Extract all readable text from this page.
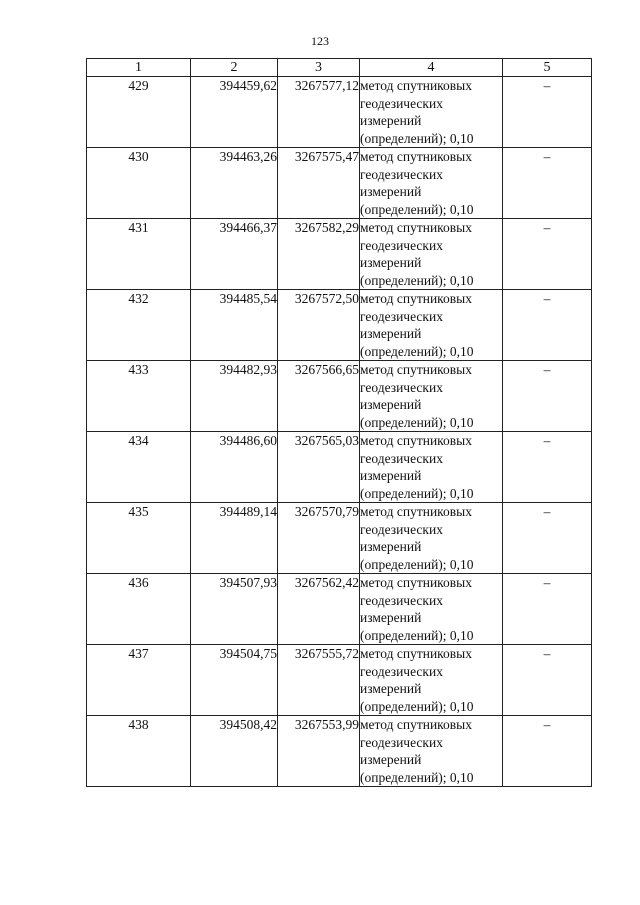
123
1	2	3	4	5
429	394459,62	3267577,12	метод спутниковых геодезических измерений (определений); 0,10	–
430	394463,26	3267575,47	метод спутниковых геодезических измерений (определений); 0,10	–
431	394466,37	3267582,29	метод спутниковых геодезических измерений (определений); 0,10	–
432	394485,54	3267572,50	метод спутниковых геодезических измерений (определений); 0,10	–
433	394482,93	3267566,65	метод спутниковых геодезических измерений (определений); 0,10	–
434	394486,60	3267565,03	метод спутниковых геодезических измерений (определений); 0,10	–
435	394489,14	3267570,79	метод спутниковых геодезических измерений (определений); 0,10	–
436	394507,93	3267562,42	метод спутниковых геодезических измерений (определений); 0,10	–
437	394504,75	3267555,72	метод спутниковых геодезических измерений (определений); 0,10	–
438	394508,42	3267553,99	метод спутниковых геодезических измерений (определений); 0,10	–
